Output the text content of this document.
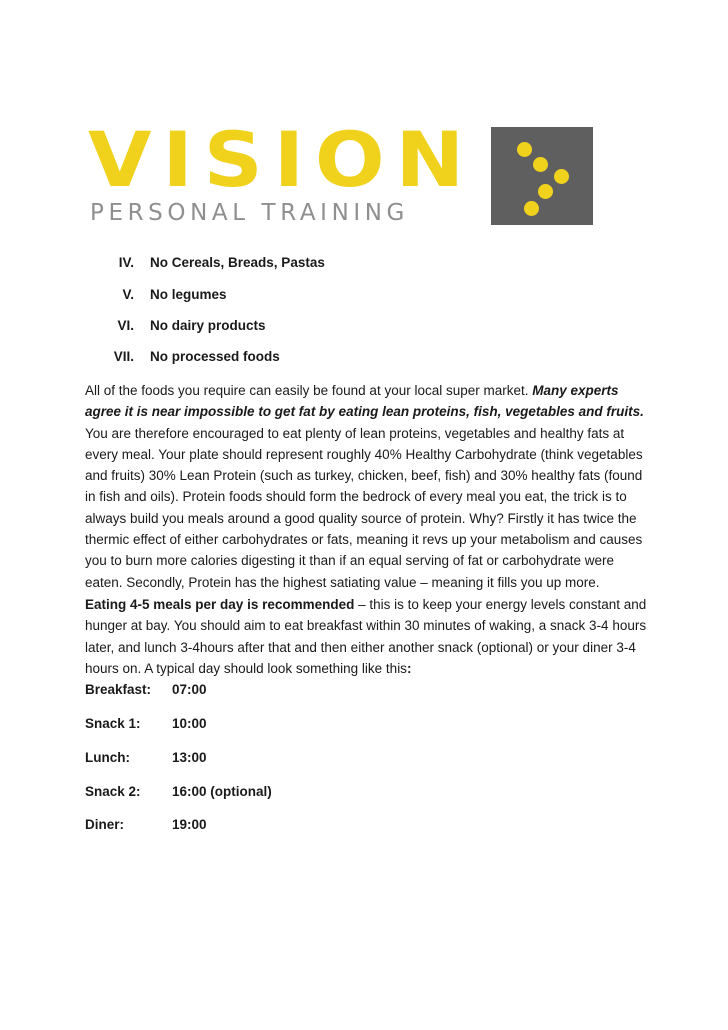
VISION
PERSONAL TRAINING
IV. No Cereals, Breads, Pastas
V. No legumes
VI. No dairy products
VII. No processed foods

All of the foods you require can easily be found at your local super market. Many experts agree it is near impossible to get fat by eating lean proteins, fish, vegetables and fruits. You are therefore encouraged to eat plenty of lean proteins, vegetables and healthy fats at every meal. Your plate should represent roughly 40% Healthy Carbohydrate (think vegetables and fruits) 30% Lean Protein (such as turkey, chicken, beef, fish) and 30% healthy fats (found in fish and oils). Protein foods should form the bedrock of every meal you eat, the trick is to always build you meals around a good quality source of protein. Why? Firstly it has twice the thermic effect of either carbohydrates or fats, meaning it revs up your metabolism and causes you to burn more calories digesting it than if an equal serving of fat or carbohydrate were eaten. Secondly, Protein has the highest satiating value – meaning it fills you up more.

Eating 4-5 meals per day is recommended – this is to keep your energy levels constant and hunger at bay. You should aim to eat breakfast within 30 minutes of waking, a snack 3-4 hours later, and lunch 3-4hours after that and then either another snack (optional) or your diner 3-4 hours on. A typical day should look something like this:

Breakfast: 07:00
Snack 1: 10:00
Lunch:	13:00
Snack 2: 16:00 (optional)
Diner:	19:00
